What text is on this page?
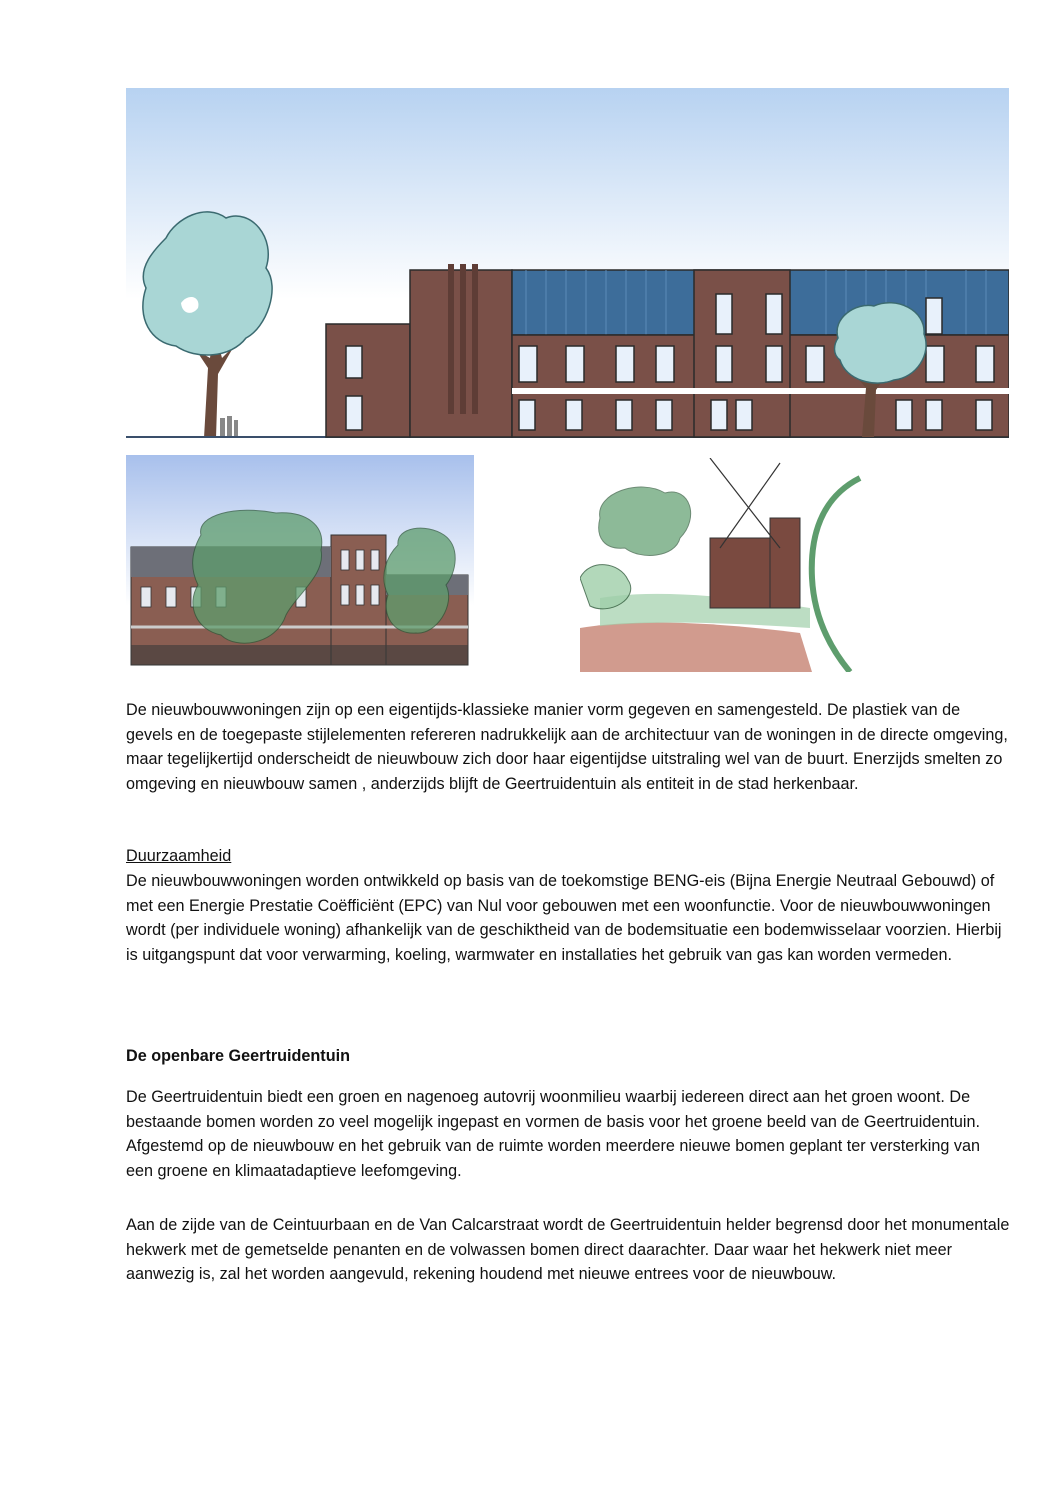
De nieuwbouwwoningen zijn op een eigentijds-klassieke manier vorm gegeven en samengesteld. De plastiek van de gevels en de toegepaste stijlelementen refereren nadrukkelijk aan de architectuur van de woningen in de directe omgeving, maar tegelijkertijd onderscheidt de nieuwbouw zich door haar eigentijdse uitstraling wel van de buurt. Enerzijds smelten zo omgeving en nieuwbouw samen , anderzijds blijft de Geertruidentuin als entiteit in de stad herkenbaar.

Duurzaamheid

De nieuwbouwwoningen worden ontwikkeld op basis van de toekomstige BENG-eis (Bijna Energie Neutraal Gebouwd) of met een Energie Prestatie Coëfficiënt (EPC) van Nul voor gebouwen met een woonfunctie. Voor de nieuwbouwwoningen wordt (per individuele woning) afhankelijk van de geschiktheid van de bodemsituatie een bodemwisselaar voorzien. Hierbij is uitgangspunt dat voor verwarming, koeling, warmwater en installaties het gebruik van gas kan worden vermeden.

De openbare Geertruidentuin

De Geertruidentuin biedt een groen en nagenoeg autovrij woonmilieu waarbij iedereen direct aan het groen woont. De bestaande bomen worden zo veel mogelijk ingepast en vormen de basis voor het groene beeld van de Geertruidentuin. Afgestemd op de nieuwbouw en het gebruik van de ruimte worden meerdere nieuwe bomen geplant ter versterking van een groene en klimaatadaptieve leefomgeving.

Aan de zijde van de Ceintuurbaan en de Van Calcarstraat wordt de Geertruidentuin helder begrensd door het monumentale hekwerk met de gemetselde penanten en de volwassen bomen direct daarachter. Daar waar het hekwerk niet meer aanwezig is, zal het worden aangevuld, rekening houdend met nieuwe entrees voor de nieuwbouw.
